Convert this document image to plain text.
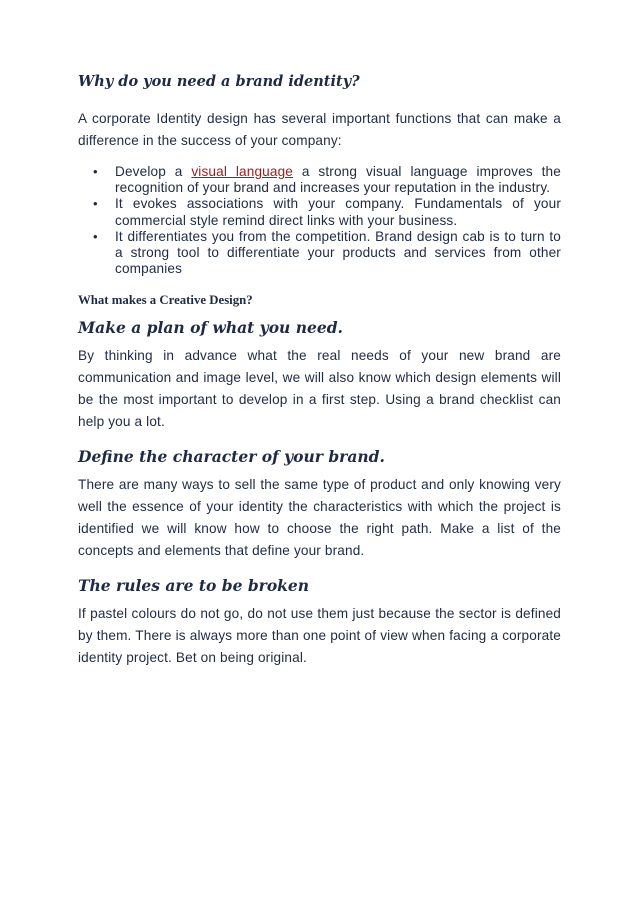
Why do you need a brand identity?

A corporate Identity design has several important functions that can make a difference in the success of your company:

• Develop a visual language a strong visual language improves the recognition of your brand and increases your reputation in the industry.
• It evokes associations with your company. Fundamentals of your commercial style remind direct links with your business.
• It differentiates you from the competition. Brand design cab is to turn to a strong tool to differentiate your products and services from other companies
What makes a Creative Design?
Make a plan of what you need.

By thinking in advance what the real needs of your new brand are communication and image level, we will also know which design elements will be the most important to develop in a first step. Using a brand checklist can help you a lot.

Define the character of your brand.

There are many ways to sell the same type of product and only knowing very well the essence of your identity the characteristics with which the project is identified we will know how to choose the right path. Make a list of the concepts and elements that define your brand.

The rules are to be broken

If pastel colours do not go, do not use them just because the sector is defined by them. There is always more than one point of view when facing a corporate identity project. Bet on being original.
